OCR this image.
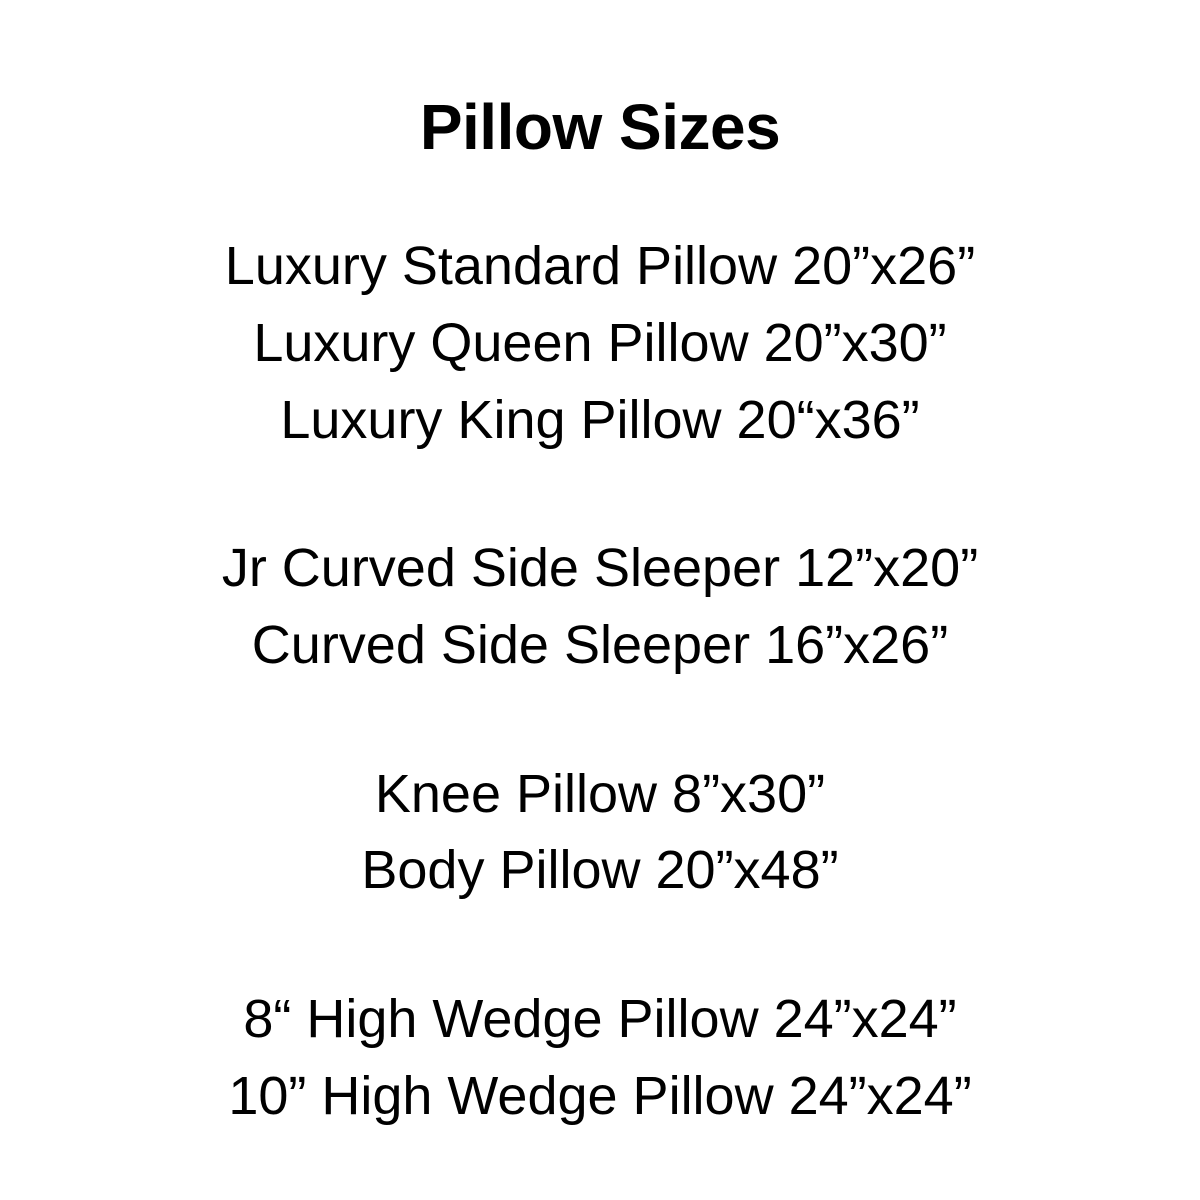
Pillow Sizes
Luxury Standard Pillow 20”x26”
Luxury Queen Pillow 20”x30”
Luxury King Pillow 20“x36”
Jr Curved Side Sleeper 12”x20”
Curved Side Sleeper 16”x26”
Knee Pillow 8”x30”
Body Pillow 20”x48”
8“ High Wedge Pillow 24”x24”
10” High Wedge Pillow 24”x24”
